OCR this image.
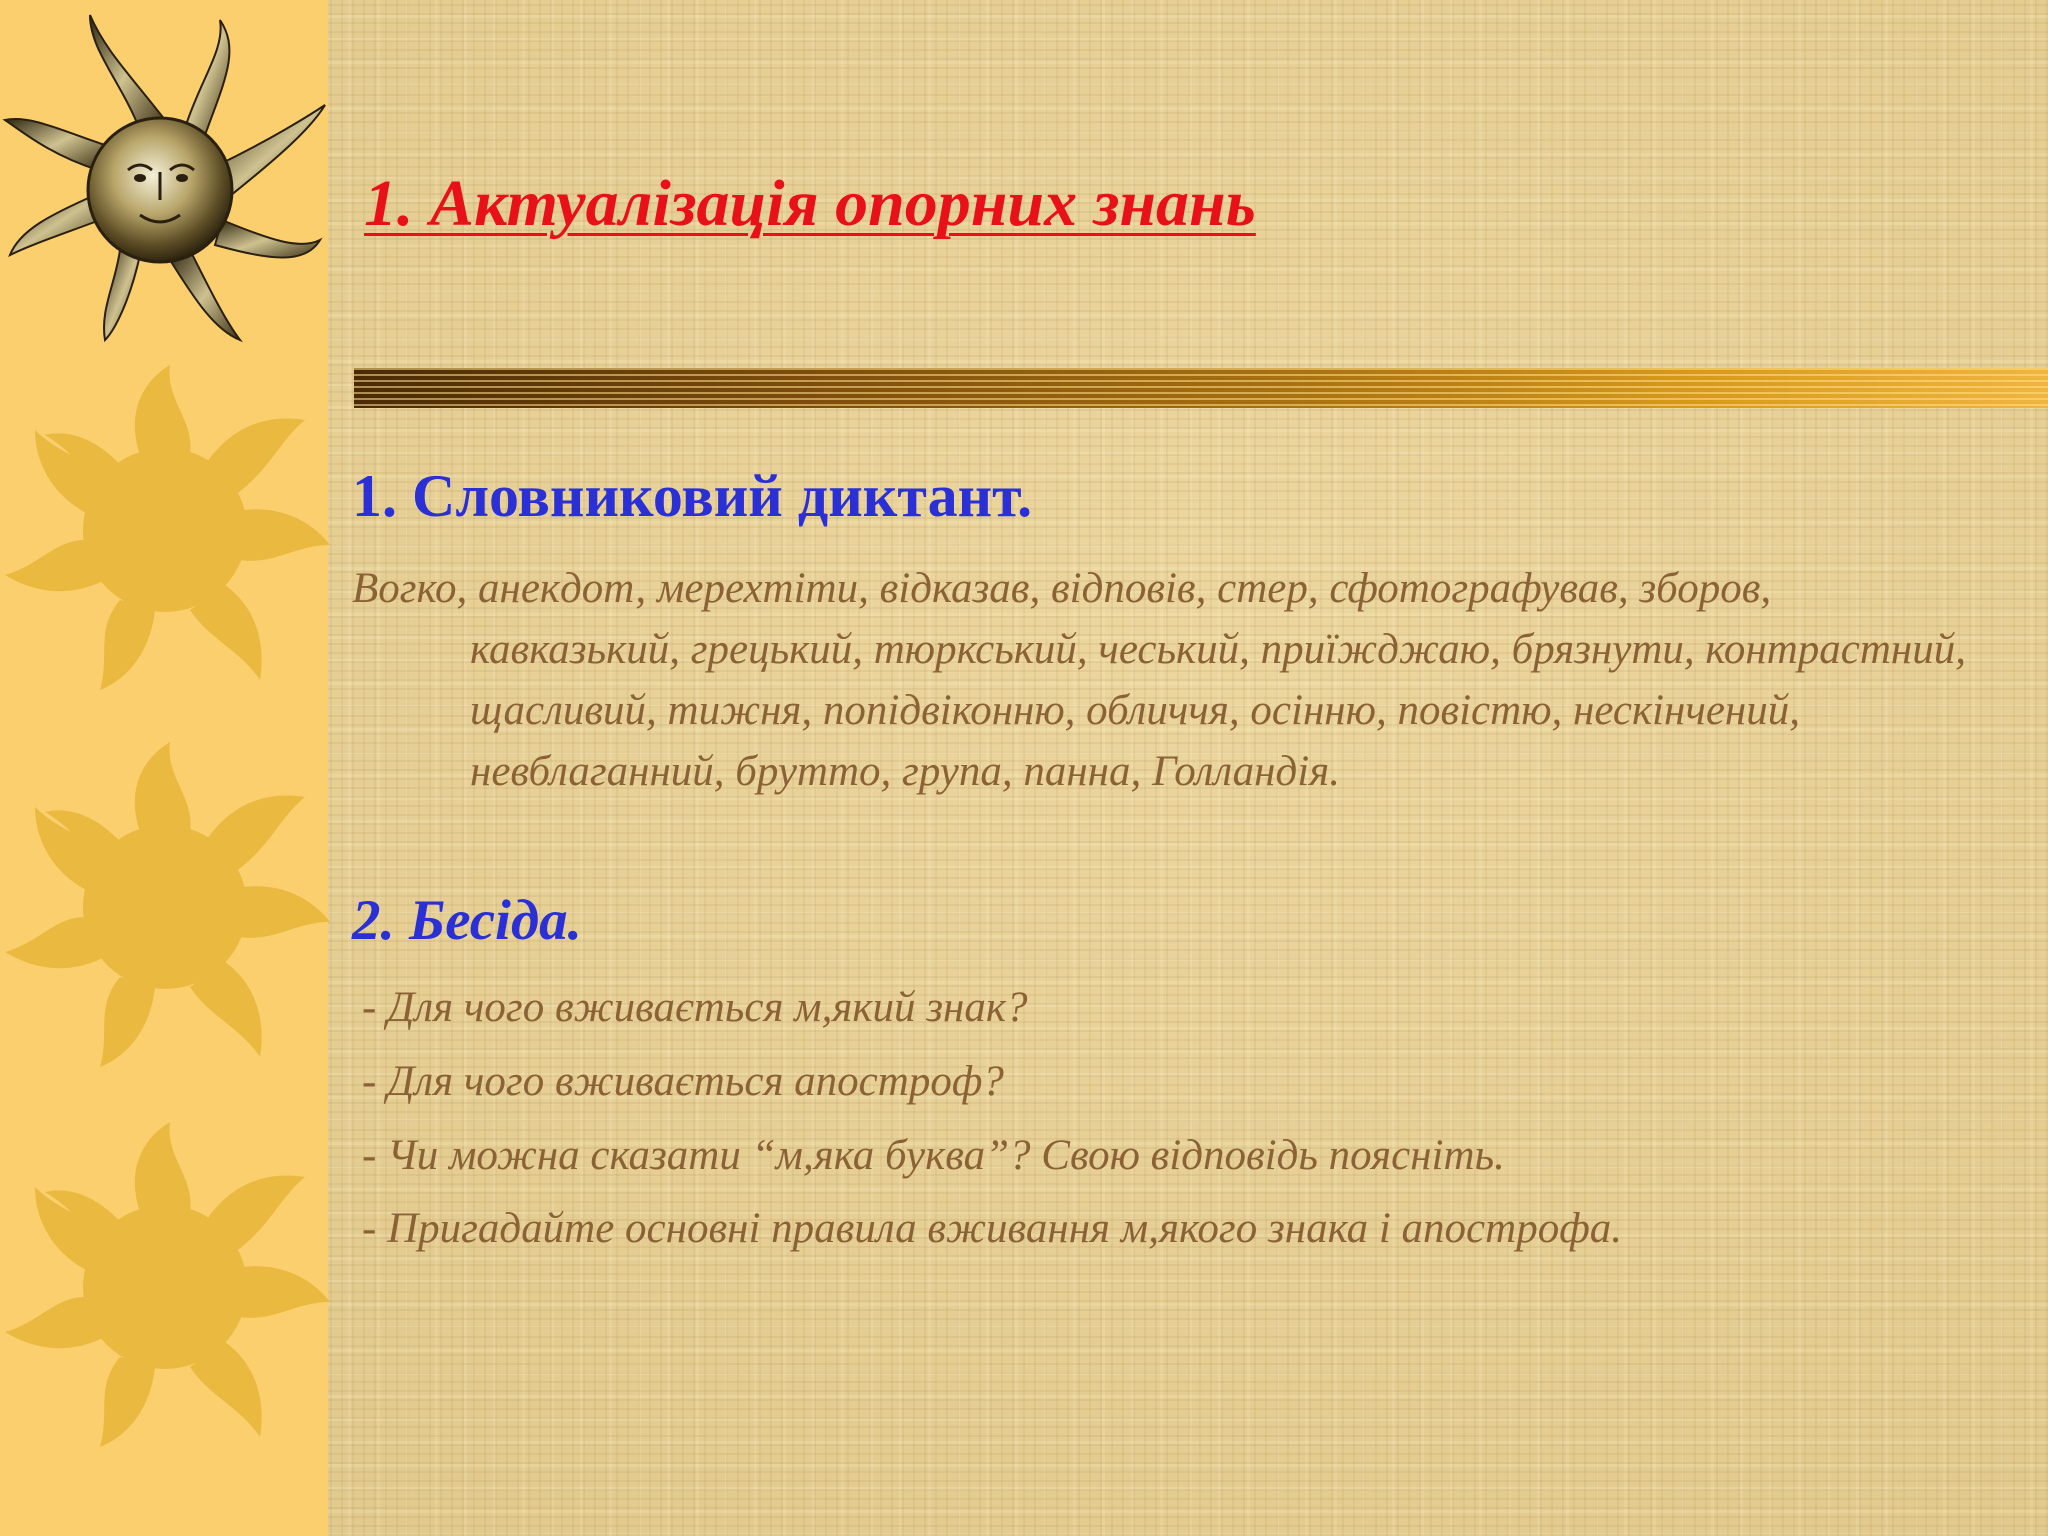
1. Актуалізація опорних знань
1. Словниковий диктант.

Вогко, анекдот, мерехтіти, відказав, відповів, стер, сфотографував, зборов, кавказький, грецький, тюркський, чеський, приїжджаю, брязнути, контрастний, щасливий, тижня, попідвіконню, обличчя, осінню, повістю, нескінчений, невблаганний, брутто, група, панна, Голландія.

2. Бесіда.
- Для чого вживається м,який знак?
- Для чого вживається апостроф?
- Чи можна сказати “м,яка буква”? Свою відповідь поясніть.
- Пригадайте основні правила вживання м,якого знака і апострофа.
